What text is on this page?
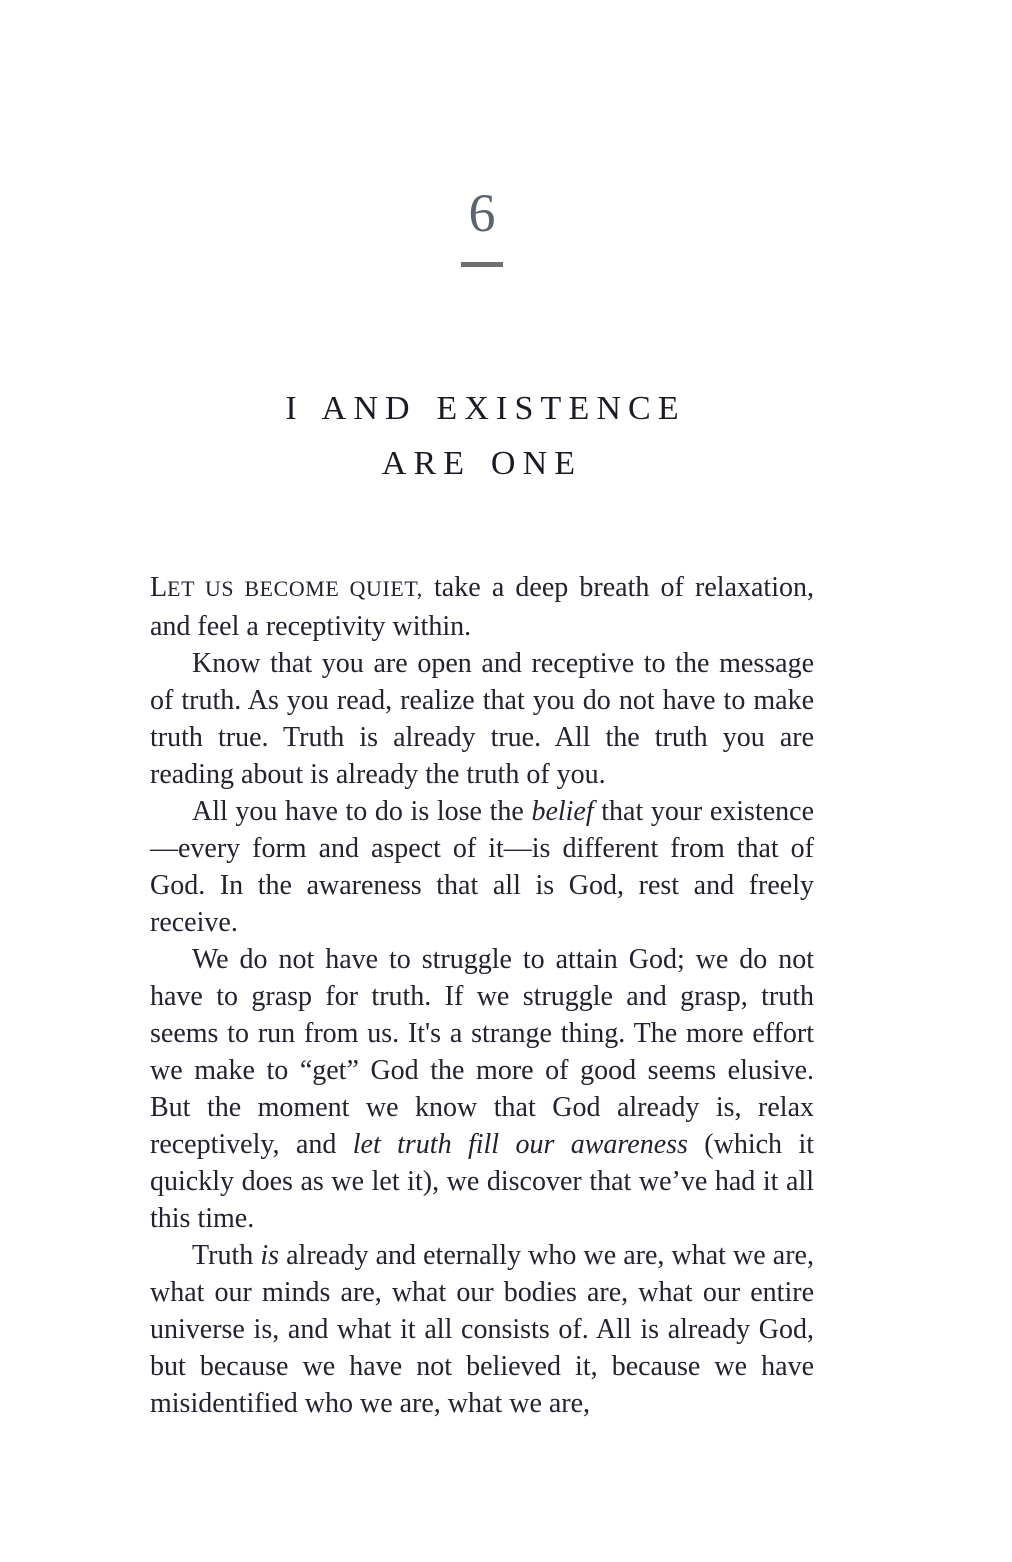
6
I AND EXISTENCE
ARE ONE

LET US BECOME QUIET, take a deep breath of relaxation, and feel a receptivity within.

Know that you are open and receptive to the message of truth. As you read, realize that you do not have to make truth true. Truth is already true. All the truth you are reading about is already the truth of you.

All you have to do is lose the belief that your existence—every form and aspect of it—is different from that of God. In the awareness that all is God, rest and freely receive.

We do not have to struggle to attain God; we do not have to grasp for truth. If we struggle and grasp, truth seems to run from us. It's a strange thing. The more effort we make to “get” God the more of good seems elusive. But the moment we know that God already is, relax receptively, and let truth fill our awareness (which it quickly does as we let it), we discover that we’ve had it all this time.

Truth is already and eternally who we are, what we are, what our minds are, what our bodies are, what our entire universe is, and what it all consists of. All is already God, but because we have not believed it, because we have misidentified who we are, what we are,
